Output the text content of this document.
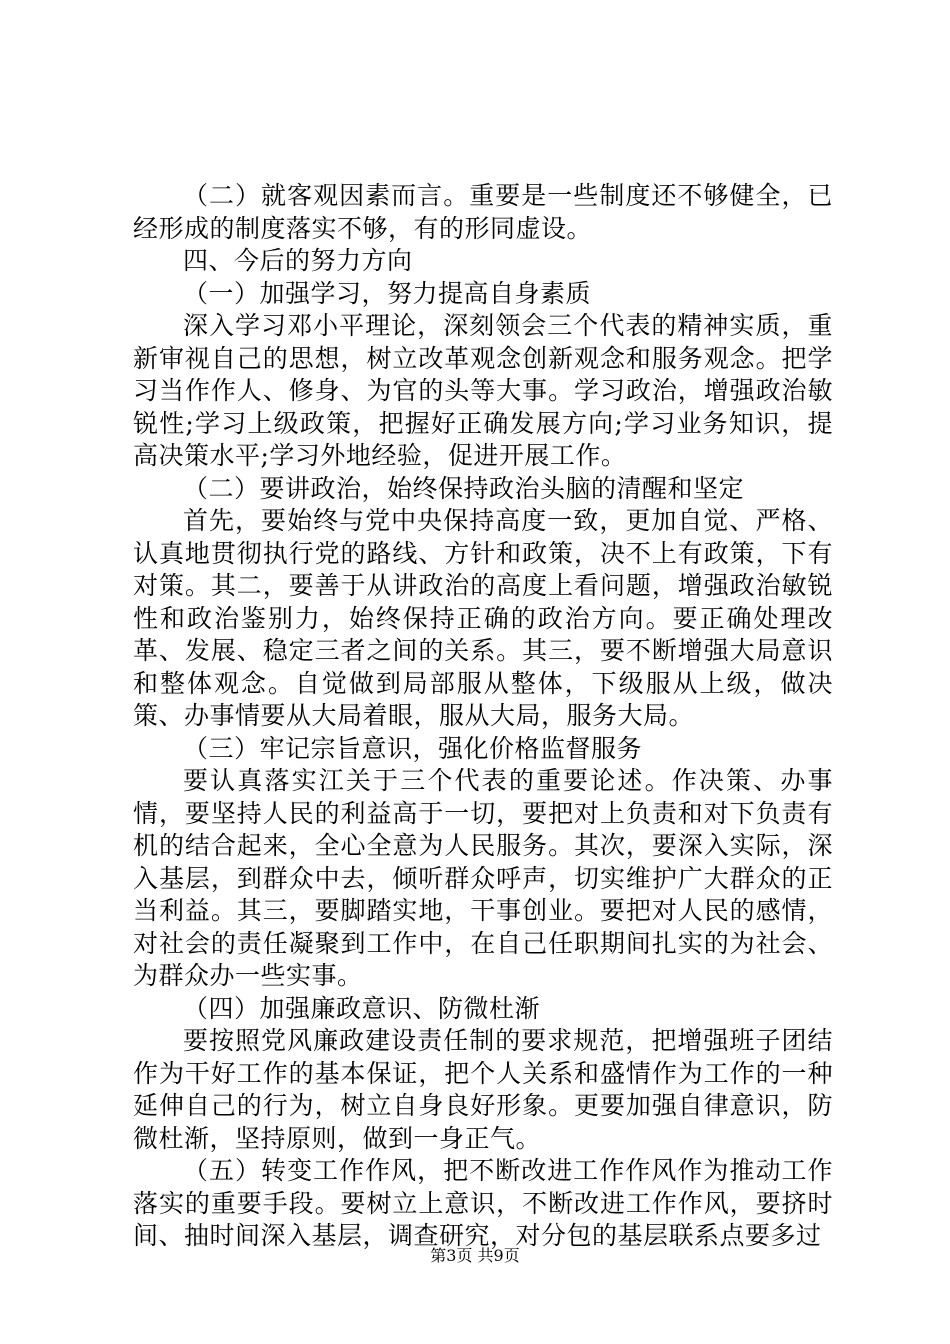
（二）就客观因素而言。重要是一些制度还不够健全，已经形成的制度落实不够，有的形同虚设。

四、今后的努力方向

（一）加强学习，努力提高自身素质

深入学习邓小平理论，深刻领会三个代表的精神实质，重新审视自己的思想，树立改革观念创新观念和服务观念。把学习当作作人、修身、为官的头等大事。学习政治，增强政治敏锐性;学习上级政策，把握好正确发展方向;学习业务知识，提高决策水平;学习外地经验，促进开展工作。

（二）要讲政治，始终保持政治头脑的清醒和坚定

首先，要始终与党中央保持高度一致，更加自觉、严格、认真地贯彻执行党的路线、方针和政策，决不上有政策，下有对策。其二，要善于从讲政治的高度上看问题，增强政治敏锐性和政治鉴别力，始终保持正确的政治方向。要正确处理改革、发展、稳定三者之间的关系。其三，要不断增强大局意识和整体观念。自觉做到局部服从整体，下级服从上级，做决策、办事情要从大局着眼，服从大局，服务大局。

（三）牢记宗旨意识，强化价格监督服务

要认真落实江关于三个代表的重要论述。作决策、办事情，要坚持人民的利益高于一切，要把对上负责和对下负责有机的结合起来，全心全意为人民服务。其次，要深入实际，深入基层，到群众中去，倾听群众呼声，切实维护广大群众的正当利益。其三，要脚踏实地，干事创业。要把对人民的感情，对社会的责任凝聚到工作中，在自己任职期间扎实的为社会、为群众办一些实事。

（四）加强廉政意识、防微杜渐

要按照党风廉政建设责任制的要求规范，把增强班子团结作为干好工作的基本保证，把个人关系和盛情作为工作的一种延伸自己的行为，树立自身良好形象。更要加强自律意识，防微杜渐，坚持原则，做到一身正气。

（五）转变工作作风，把不断改进工作作风作为推动工作落实的重要手段。要树立上意识，不断改进工作作风，要挤时间、抽时间深入基层，调查研究，对分包的基层联系点要多过

第3页 共9页
